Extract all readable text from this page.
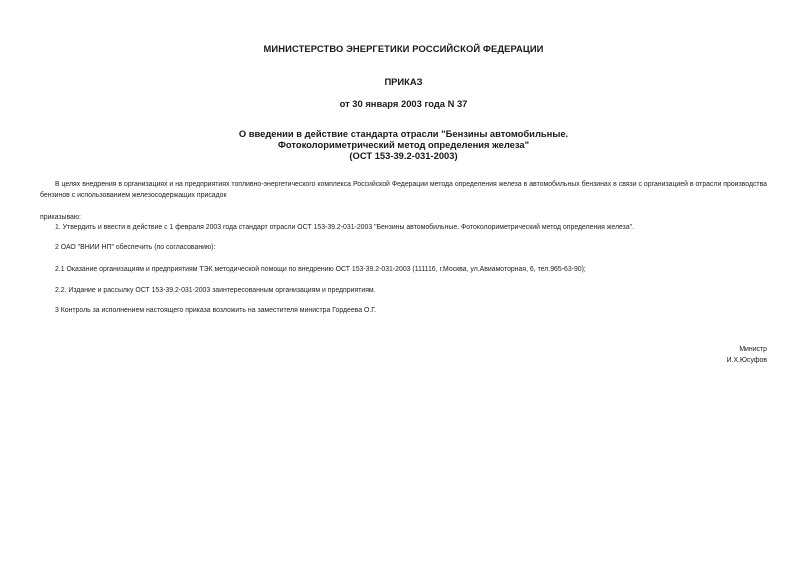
МИНИСТЕРСТВО ЭНЕРГЕТИКИ РОССИЙСКОЙ ФЕДЕРАЦИИ
ПРИКАЗ
от 30 января 2003 года N 37
О введении в действие стандарта отрасли "Бензины автомобильные.
Фотоколориметрический метод определения железа"
(ОСТ 153-39.2-031-2003)
В целях внедрения в организациях и на предприятиях топливно-энергетического комплекса Российской Федерации метода определения железа в автомобильных бензинах в связи с организацией в отрасли производства бензинов с использованием железосодержащих присадок
приказываю:
1. Утвердить и ввести в действие с 1 февраля 2003 года стандарт отрасли ОСТ 153-39.2-031-2003 "Бензины автомобильные. Фотоколориметрический метод определения железа".
2 ОАО "ВНИИ НП" обеспечить (по согласованию):
2.1 Оказание организациям и предприятиям ТЭК методической помощи по внедрению ОСТ 153-39.2-031-2003 (111116, г.Москва, ул.Авиамоторная, 6, тел.965-63-90);
2.2. Издание и рассылку ОСТ 153-39.2-031-2003 заинтересованным организациям и предприятиям.
3 Контроль за исполнением настоящего приказа возложить на заместителя министра Гордеева О.Г.
Министр
И.Х.Юсуфов
